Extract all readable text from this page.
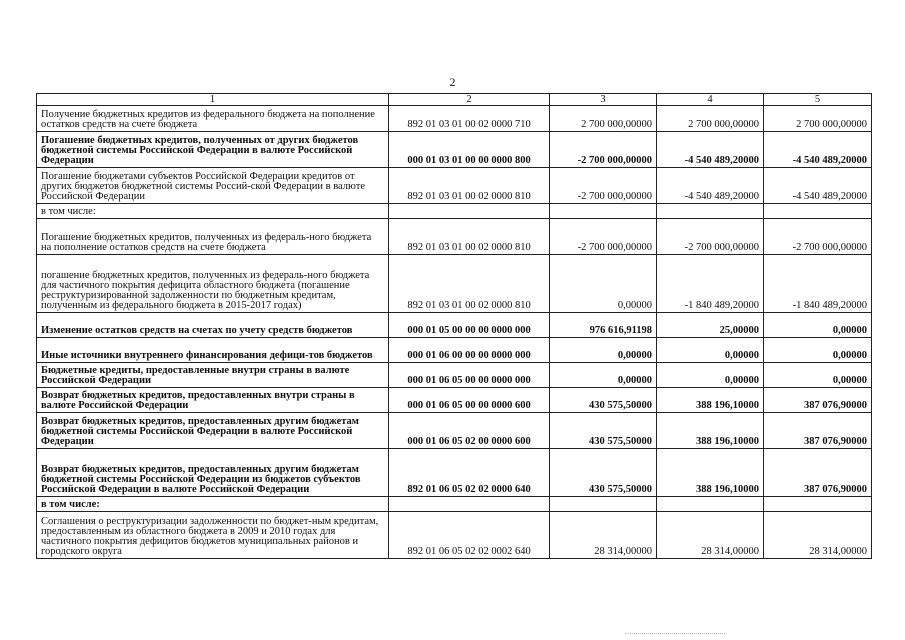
2
1	2	3	4	5
Получение бюджетных кредитов из федерального бюджета на пополнение остатков средств на счете бюджета	892 01 03 01 00 02 0000 710	2 700 000,00000	2 700 000,00000	2 700 000,00000
Погашение бюджетных кредитов, полученных от других бюджетов бюджетной системы Российской Федерации в валюте Российской Федерации	000 01 03 01 00 00 0000 800	-2 700 000,00000	-4 540 489,20000	-4 540 489,20000
Погашение бюджетами субъектов Российской Федерации кредитов от других бюджетов бюджетной системы Россий-ской Федерации в валюте Российской Федерации	892 01 03 01 00 02 0000 810	-2 700 000,00000	-4 540 489,20000	-4 540 489,20000
в том числе:				
Погашение бюджетных кредитов, полученных из федераль-ного бюджета на пополнение остатков средств на счете бюджета	892 01 03 01 00 02 0000 810	-2 700 000,00000	-2 700 000,00000	-2 700 000,00000
погашение бюджетных кредитов, полученных из федераль-ного бюджета для частичного покрытия дефицита областного бюджета (погашение реструктуризированной задолженности по бюджетным кредитам, полученным из федерального бюджета в 2015-2017 годах)	892 01 03 01 00 02 0000 810	0,00000	-1 840 489,20000	-1 840 489,20000
Изменение остатков средств на счетах по учету средств бюджетов	000 01 05 00 00 00 0000 000	976 616,91198	25,00000	0,00000
Иные источники внутреннего финансирования дефици-тов бюджетов	000 01 06 00 00 00 0000 000	0,00000	0,00000	0,00000
Бюджетные кредиты, предоставленные внутри страны в валюте Российской Федерации	000 01 06 05 00 00 0000 000	0,00000	0,00000	0,00000
Возврат бюджетных кредитов, предоставленных внутри страны в валюте Российской Федерации	000 01 06 05 00 00 0000 600	430 575,50000	388 196,10000	387 076,90000
Возврат бюджетных кредитов, предоставленных другим бюджетам бюджетной системы Российской Федерации в валюте Российской Федерации	000 01 06 05 02 00 0000 600	430 575,50000	388 196,10000	387 076,90000
Возврат бюджетных кредитов, предоставленных другим бюджетам бюджетной системы Российской Федерации из бюджетов субъектов Российской Федерации в валюте Российской Федерации	892 01 06 05 02 02 0000 640	430 575,50000	388 196,10000	387 076,90000
в том числе:				
Соглашения о реструктуризации задолженности по бюджет-ным кредитам, предоставленным из областного бюджета в 2009 и 2010 годах для частичного покрытия дефицитов бюджетов муниципальных районов и городского округа	892 01 06 05 02 02 0002 640	28 314,00000	28 314,00000	28 314,00000
